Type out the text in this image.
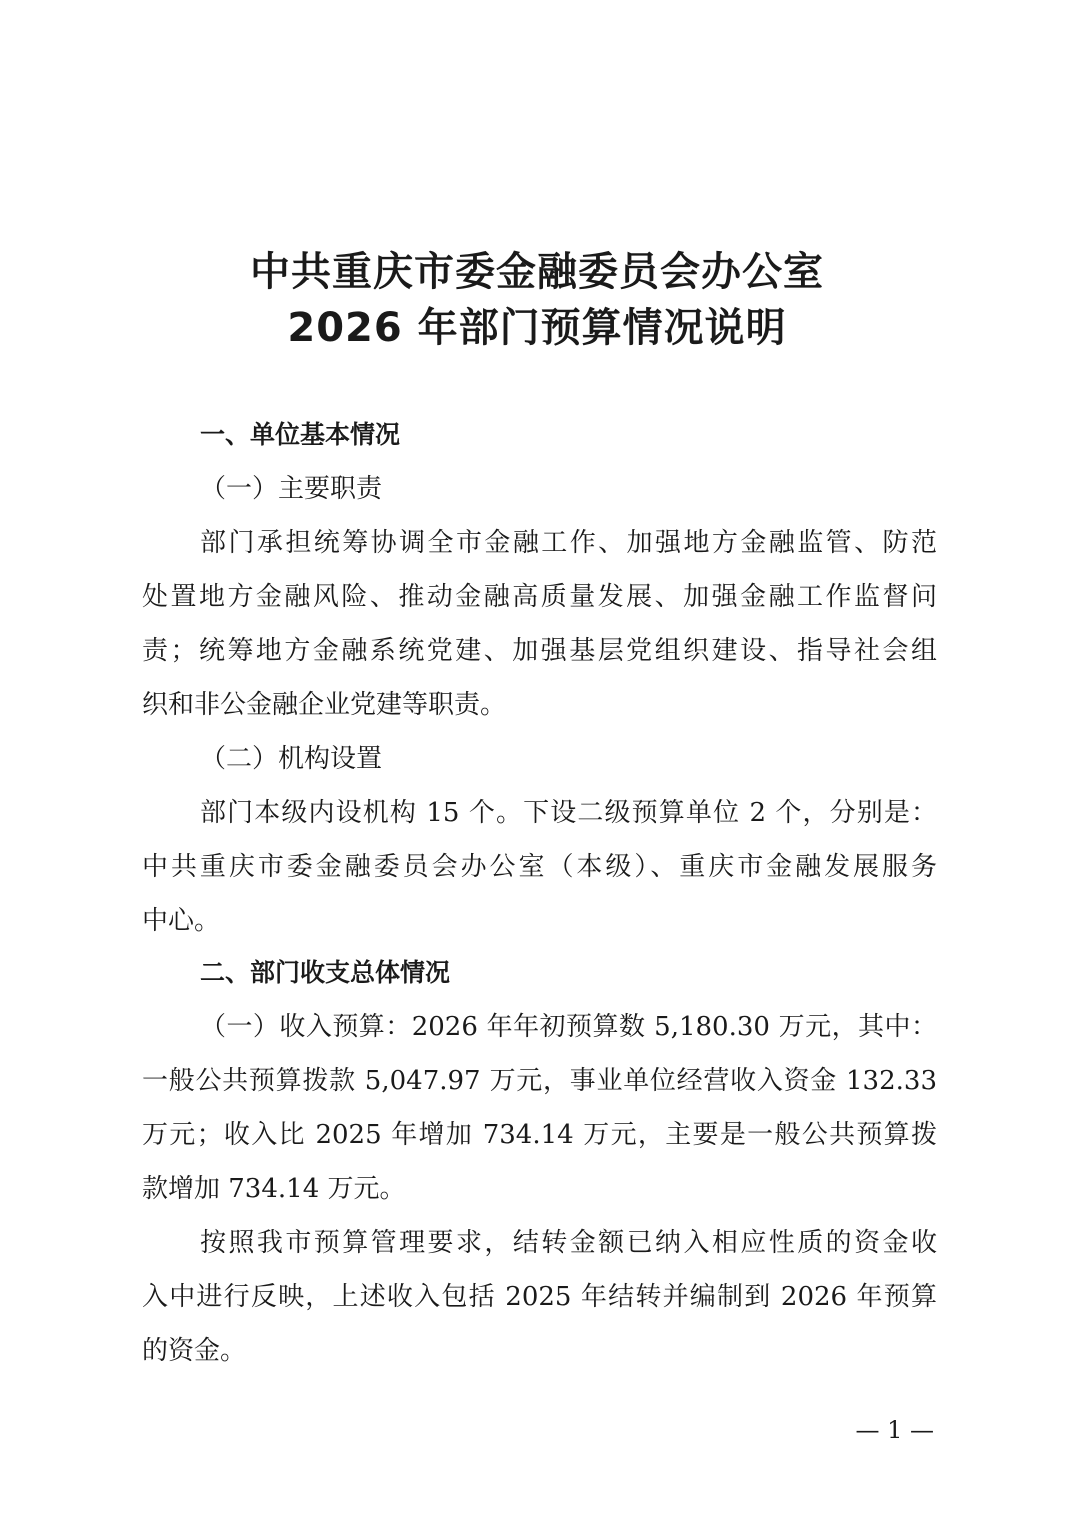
中共重庆市委金融委员会办公室
2026 年部门预算情况说明

一、单位基本情况

（一）主要职责

部门承担统筹协调全市金融工作、加强地方金融监管、防范

处置地方金融风险、推动金融高质量发展、加强金融工作监督问

责；统筹地方金融系统党建、加强基层党组织建设、指导社会组

织和非公金融企业党建等职责。

（二）机构设置

部门本级内设机构 15 个。下设二级预算单位 2 个，分别是：

中共重庆市委金融委员会办公室（本级）、重庆市金融发展服务

中心。

二、部门收支总体情况

（一）收入预算：2026 年年初预算数 5,180.30 万元，其中：

一般公共预算拨款 5,047.97 万元，事业单位经营收入资金 132.33

万元；收入比 2025 年增加 734.14 万元，主要是一般公共预算拨

款增加 734.14 万元。

按照我市预算管理要求，结转金额已纳入相应性质的资金收

入中进行反映，上述收入包括 2025 年结转并编制到 2026 年预算

的资金。

— 1 —
